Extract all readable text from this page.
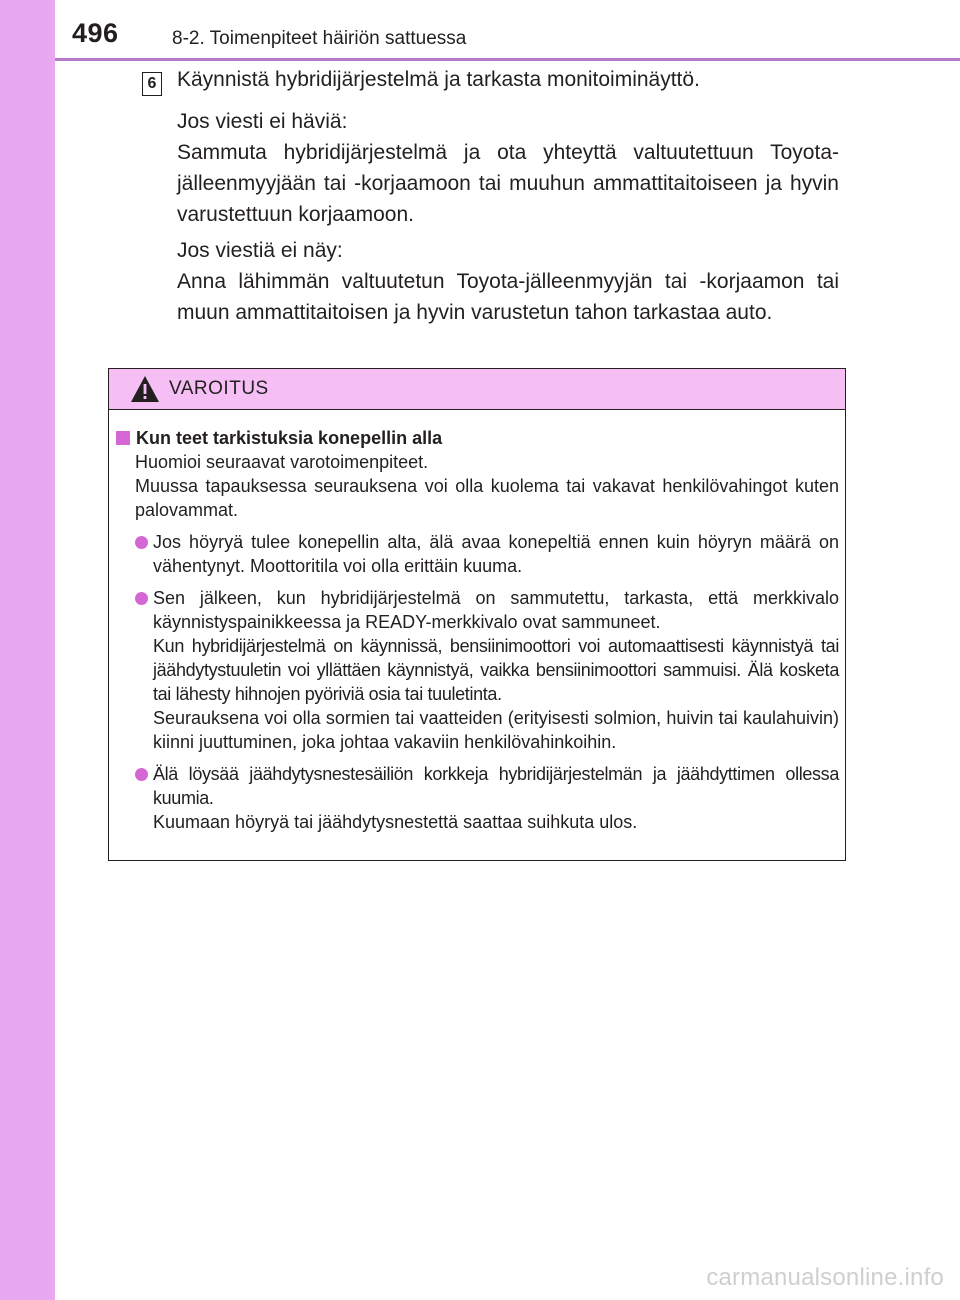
496	8-2. Toimenpiteet häiriön sattuessa
6 Käynnistä hybridijärjestelmä ja tarkasta monitoiminäyttö.

Jos viesti ei häviä:

Sammuta hybridijärjestelmä ja ota yhteyttä valtuutettuun Toyota-jälleenmyyjään tai -korjaamoon tai muuhun ammattitaitoiseen ja hyvin varustettuun korjaamoon.

Jos viestiä ei näy:

Anna lähimmän valtuutetun Toyota-jälleenmyyjän tai -korjaamon tai muun ammattitaitoisen ja hyvin varustetun tahon tarkastaa auto.

VAROITUS
Kun teet tarkistuksia konepellin alla

Huomioi seuraavat varotoimenpiteet.

Muussa tapauksessa seurauksena voi olla kuolema tai vakavat henkilövahingot kuten palovammat.

Jos höyryä tulee konepellin alta, älä avaa konepeltiä ennen kuin höyryn määrä on vähentynyt. Moottoritila voi olla erittäin kuuma.

Sen jälkeen, kun hybridijärjestelmä on sammutettu, tarkasta, että merkkivalo käynnistyspainikkeessa ja READY-merkkivalo ovat sammuneet.

Kun hybridijärjestelmä on käynnissä, bensiinimoottori voi automaattisesti käynnistyä tai jäähdytystuuletin voi yllättäen käynnistyä, vaikka bensiinimoottori sammuisi. Älä kosketa tai lähesty hihnojen pyöriviä osia tai tuuletinta.

Seurauksena voi olla sormien tai vaatteiden (erityisesti solmion, huivin tai kaulahuivin) kiinni juuttuminen, joka johtaa vakaviin henkilövahinkoihin.

Älä löysää jäähdytysnestesäiliön korkkeja hybridijärjestelmän ja jäähdyttimen ollessa kuumia.

Kuumaan höyryä tai jäähdytysnestettä saattaa suihkuta ulos.

carmanualsonline.info
